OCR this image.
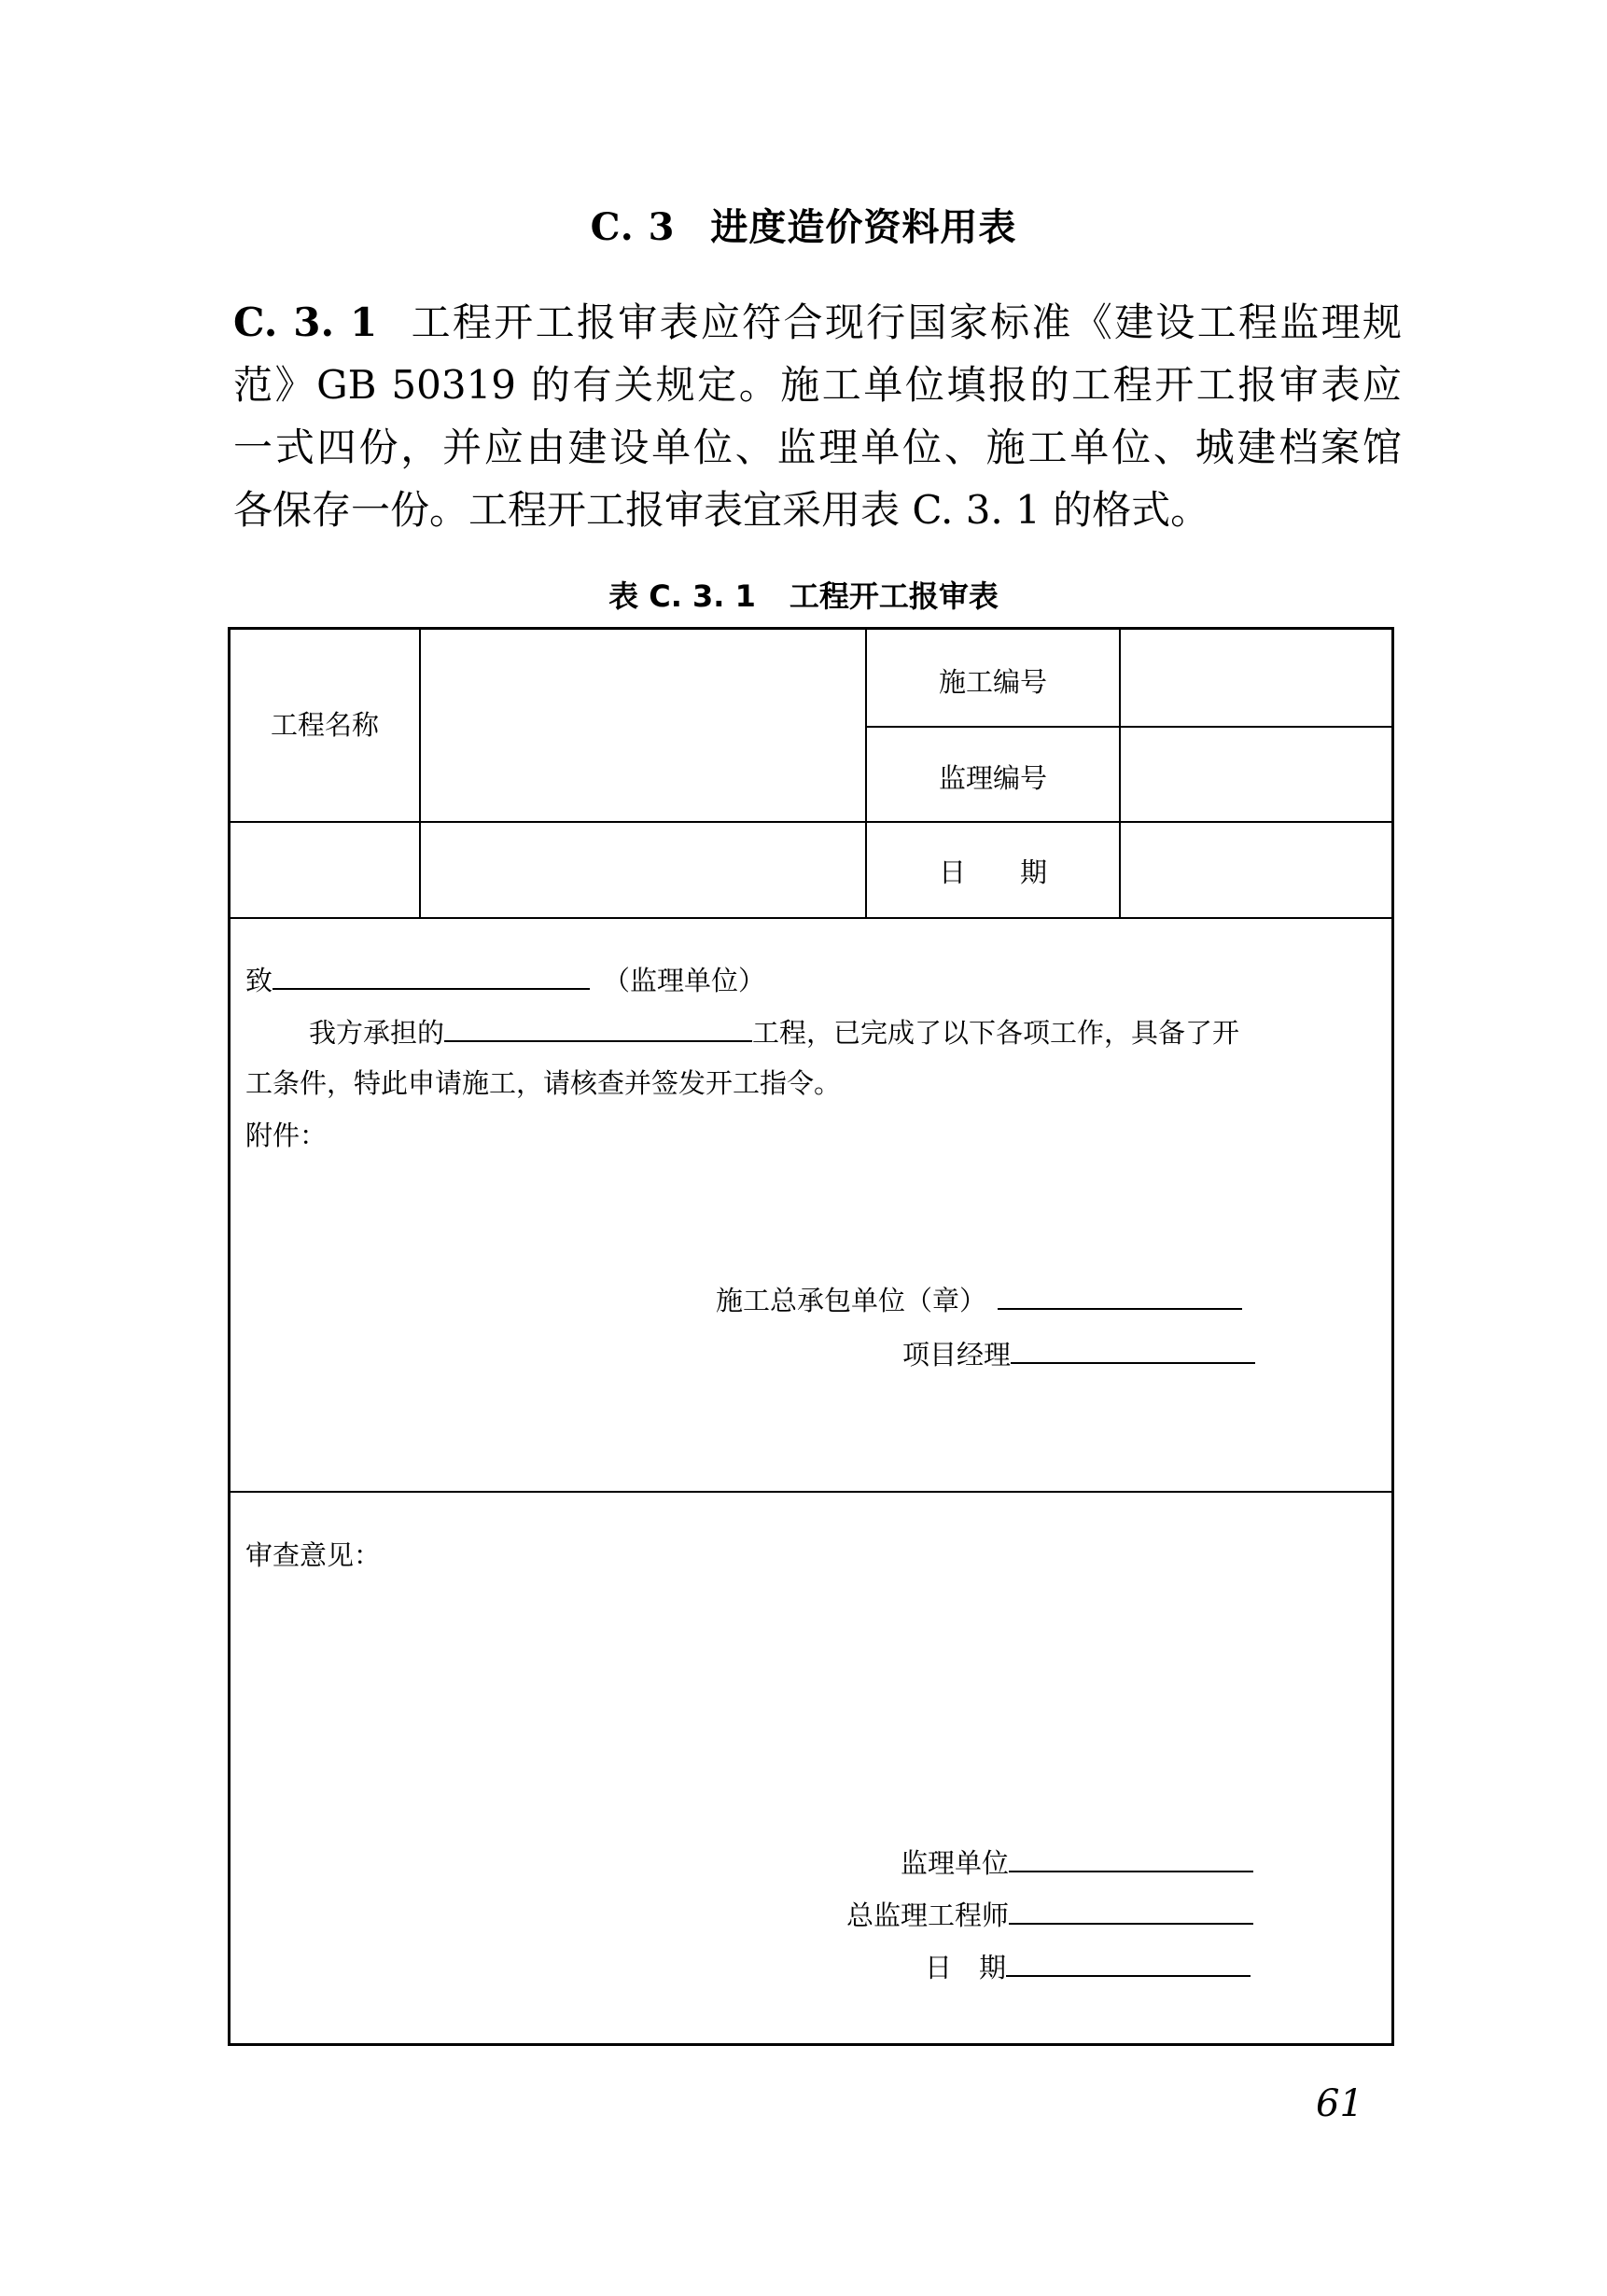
C. 3 进度造价资料用表
C. 3. 1 工程开工报审表应符合现行国家标准《建设工程监理规
范》GB 50319 的有关规定。施工单位填报的工程开工报审表应
一式四份，并应由建设单位、监理单位、施工单位、城建档案馆
各保存一份。工程开工报审表宜采用表 C. 3. 1 的格式。
表 C. 3. 1 工程开工报审表
工程名称
施工编号
监理编号
日　　期
致	（监理单位）
我方承担的	工程，已完成了以下各项工作，具备了开
工条件，特此申请施工，请核查并签发开工指令。
附件：
施工总承包单位（章）
项目经理
审查意见：
监理单位
总监理工程师
日　期
61
